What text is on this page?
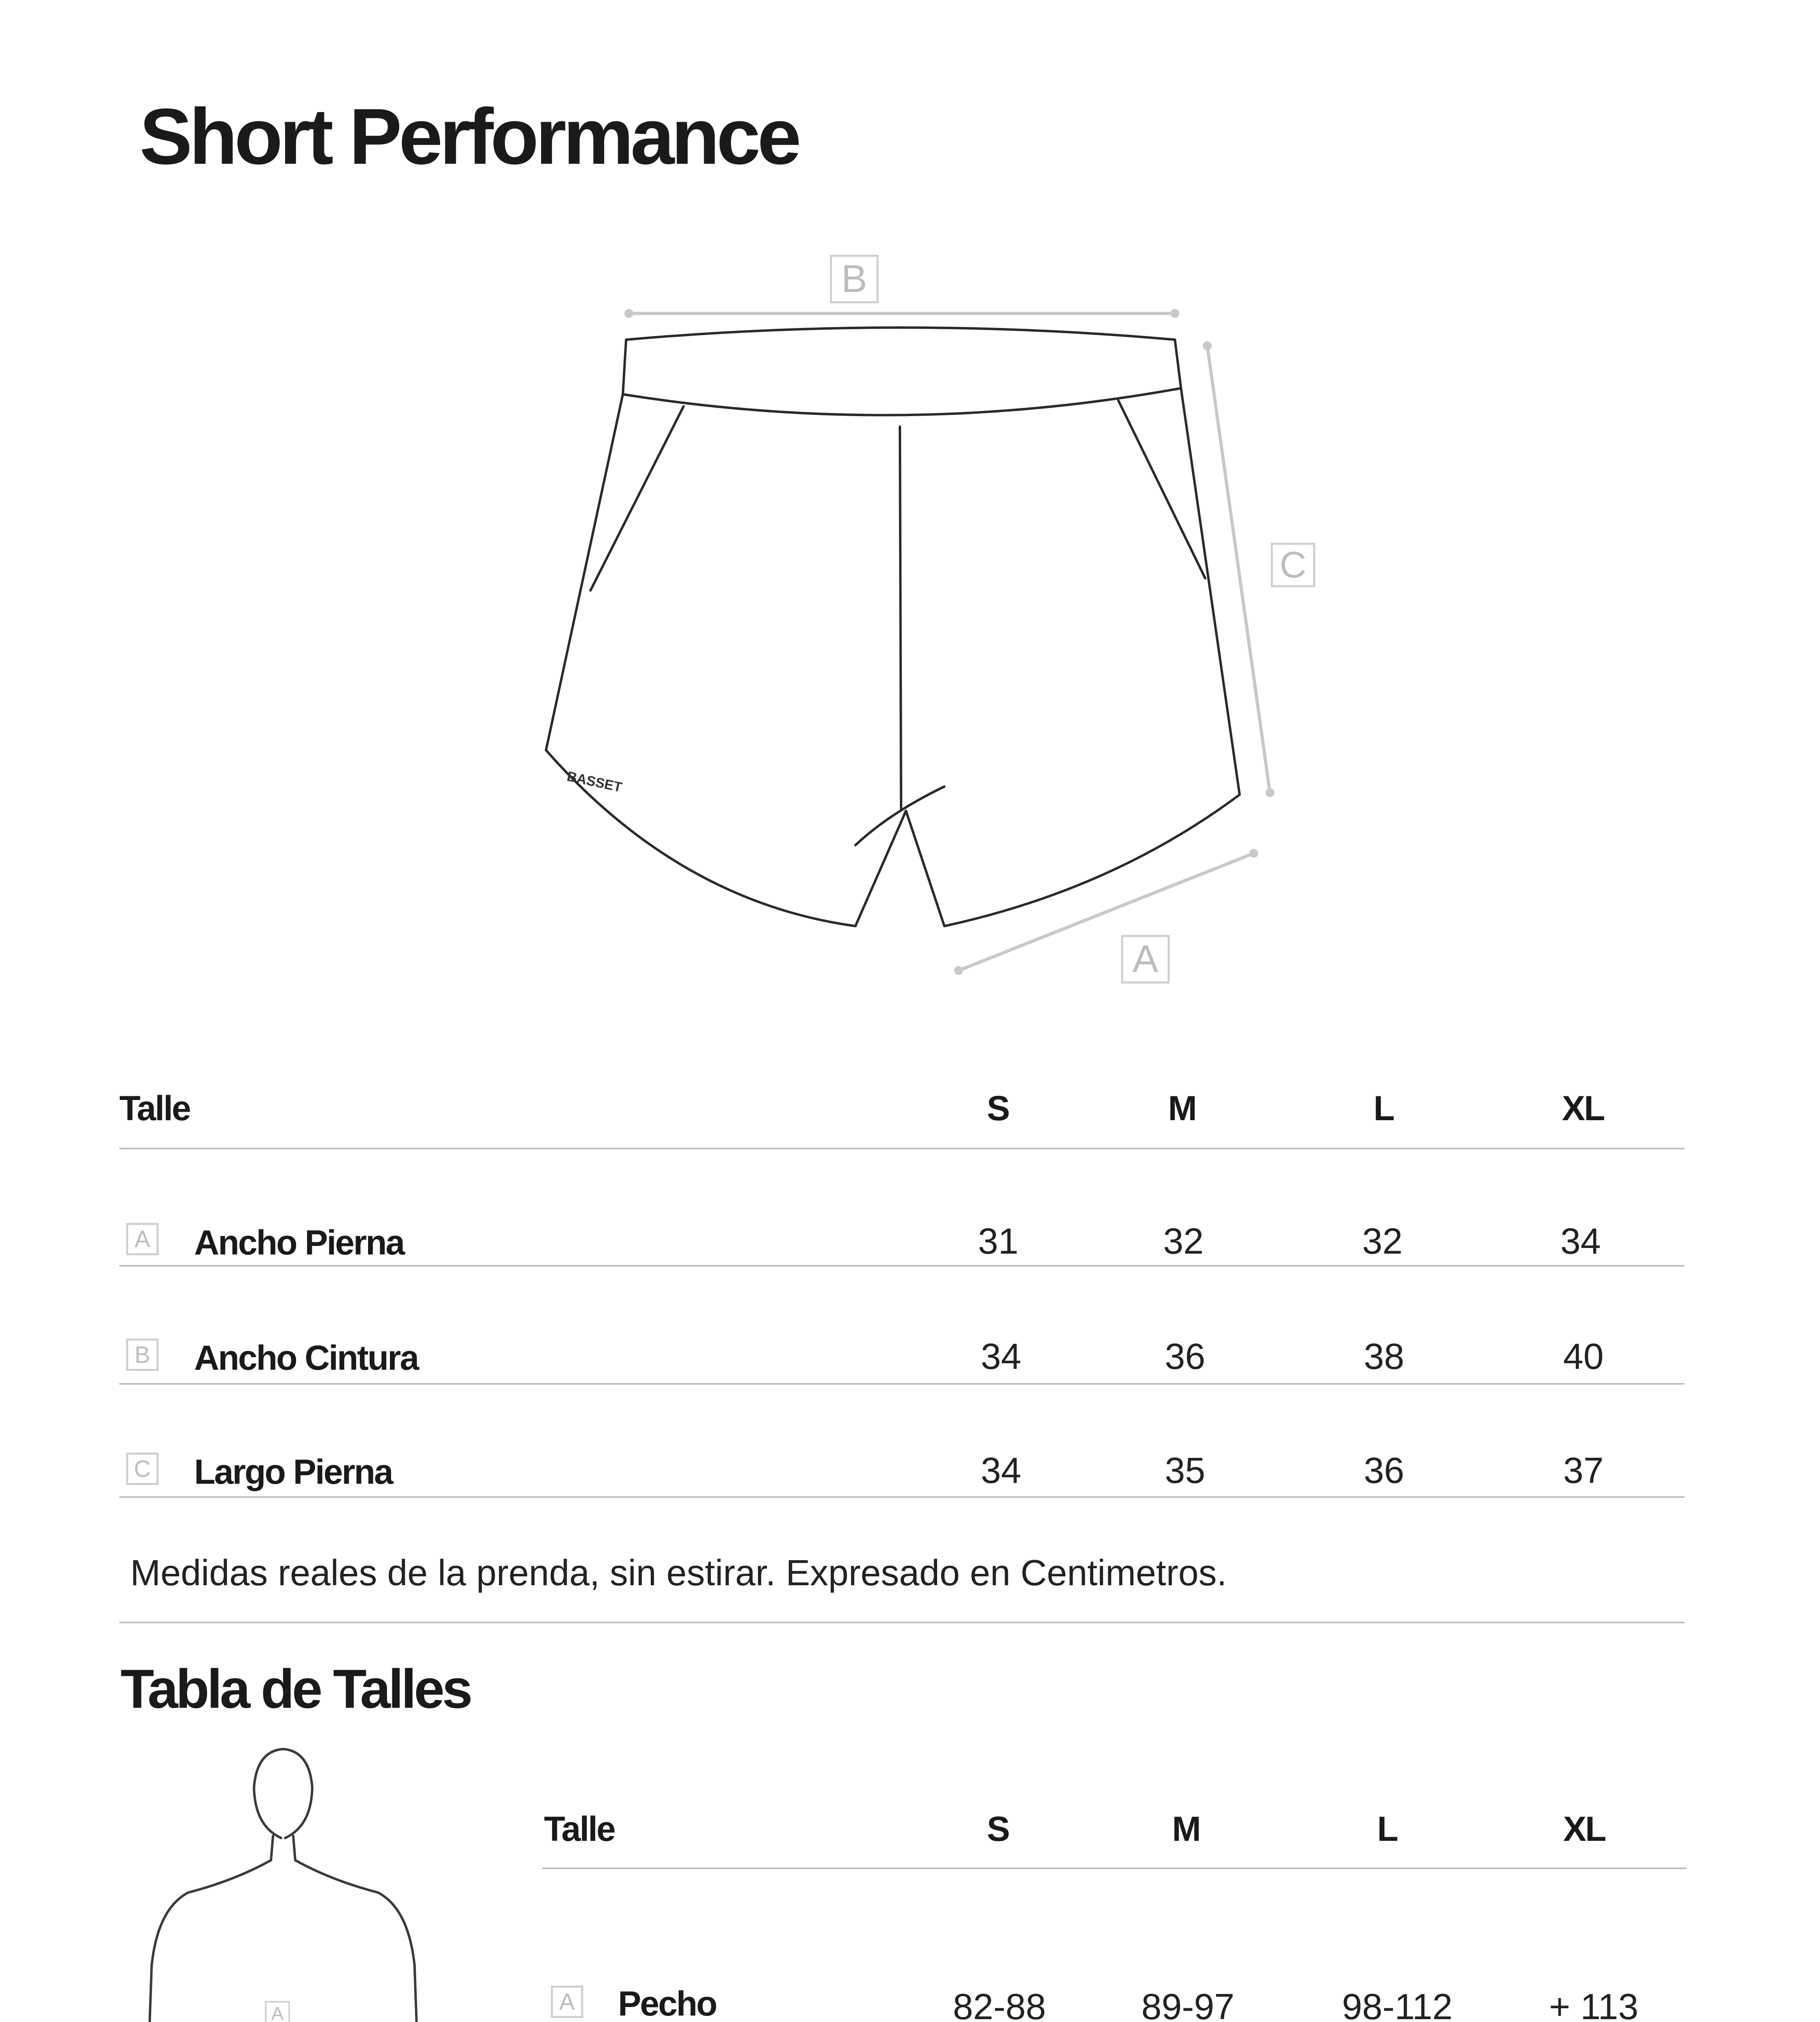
Short Performance
BASSET
B
C
A
Talle	S	M	L	XL
A Ancho Pierna	31	32	32	34
B Ancho Cintura	34	36	38	40
C Largo Pierna	34	35	36	37
Medidas reales de la prenda, sin estirar. Expresado en Centimetros.
Tabla de Talles
A
Talle	S	M	L	XL
A Pecho	82-88	89-97	98-112	+ 113
